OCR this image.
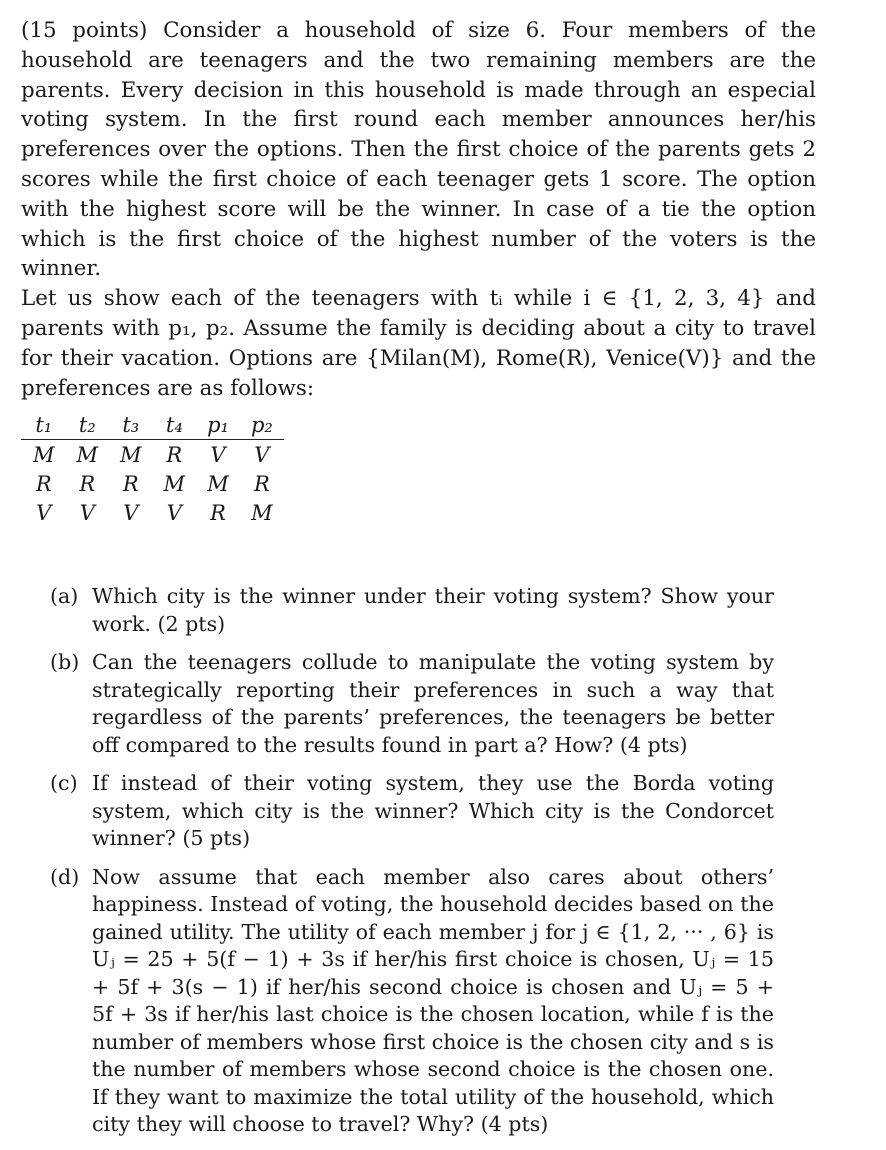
(15 points) Consider a household of size 6. Four members of the household are teenagers and the two remaining members are the parents. Every decision in this household is made through an especial voting system. In the first round each member announces her/his preferences over the options. Then the first choice of the parents gets 2 scores while the first choice of each teenager gets 1 score. The option with the highest score will be the winner. In case of a tie the option which is the first choice of the highest number of the voters is the winner.

Let us show each of the teenagers with tᵢ while i ∈ {1, 2, 3, 4} and parents with p₁, p₂. Assume the family is deciding about a city to travel for their vacation. Options are {Milan(M), Rome(R), Venice(V)} and the preferences are as follows:

t₁	t₂	t₃	t₄	p₁	p₂
M	M	M	R	V	V
R	R	R	M	M	R
V	V	V	V	R	M
(a) Which city is the winner under their voting system? Show your work. (2 pts)
(b) Can the teenagers collude to manipulate the voting system by strategically reporting their preferences in such a way that regardless of the parents’ preferences, the teenagers be better off compared to the results found in part a? How? (4 pts)
(c) If instead of their voting system, they use the Borda voting system, which city is the winner? Which city is the Condorcet winner? (5 pts)
(d) Now assume that each member also cares about others’ happiness. Instead of voting, the household decides based on the gained utility. The utility of each member j for j ∈ {1, 2, ··· , 6} is Uⱼ = 25 + 5(f − 1) + 3s if her/his first choice is chosen, Uⱼ = 15 + 5f + 3(s − 1) if her/his second choice is chosen and Uⱼ = 5 + 5f + 3s if her/his last choice is the chosen location, while f is the number of members whose first choice is the chosen city and s is the number of members whose second choice is the chosen one. If they want to maximize the total utility of the household, which city they will choose to travel? Why? (4 pts)
